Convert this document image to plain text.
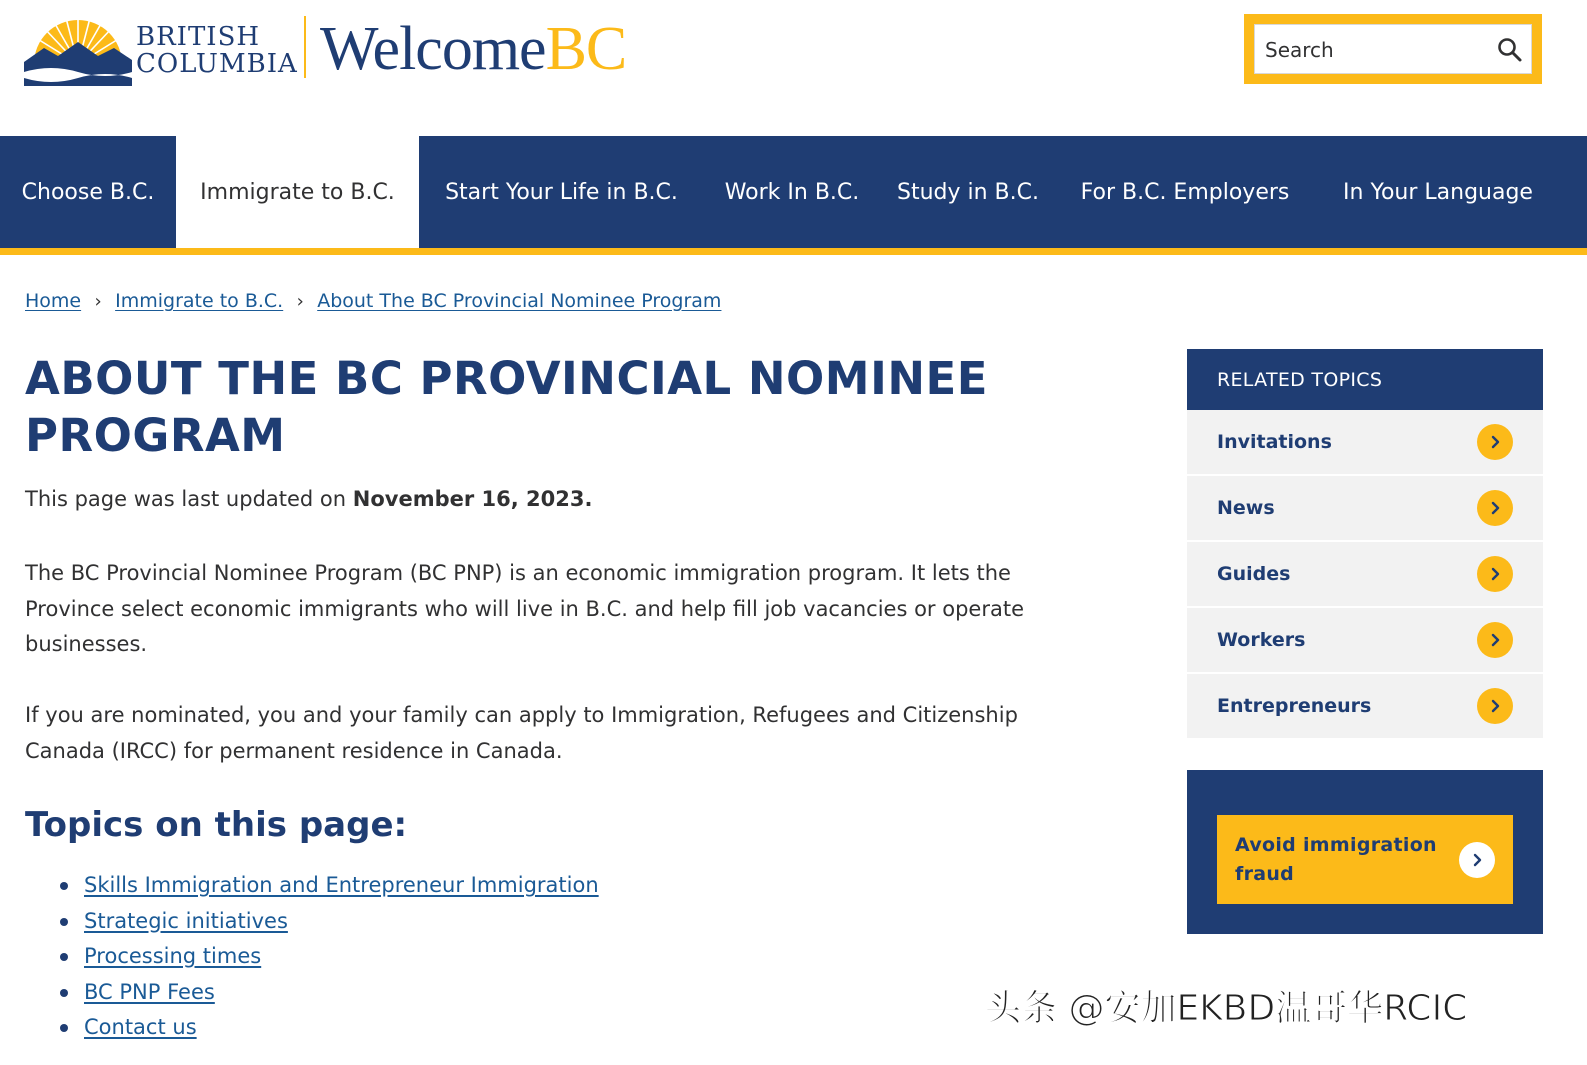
BRITISH
COLUMBIA WelcomeBC
Search
Choose B.C.	Immigrate to B.C.	Start Your Life in B.C.	Work In B.C.	Study in B.C.	For B.C. Employers	In Your Language
Home › Immigrate to B.C. › About The BC Provincial Nominee Program
ABOUT THE BC PROVINCIAL NOMINEE
PROGRAM

This page was last updated on November 16, 2023.

The BC Provincial Nominee Program (BC PNP) is an economic immigration program. It lets the Province select economic immigrants who will live in B.C. and help fill job vacancies or operate businesses.

If you are nominated, you and your family can apply to Immigration, Refugees and Citizenship Canada (IRCC) for permanent residence in Canada.

Topics on this page:
Skills Immigration and Entrepreneur Immigration
Strategic initiatives
Processing times
BC PNP Fees
Contact us
RELATED TOPICS
Invitations
News
Guides
Workers
Entrepreneurs
Avoid immigration fraud
头条 @安加EKBD温哥华RCIC
